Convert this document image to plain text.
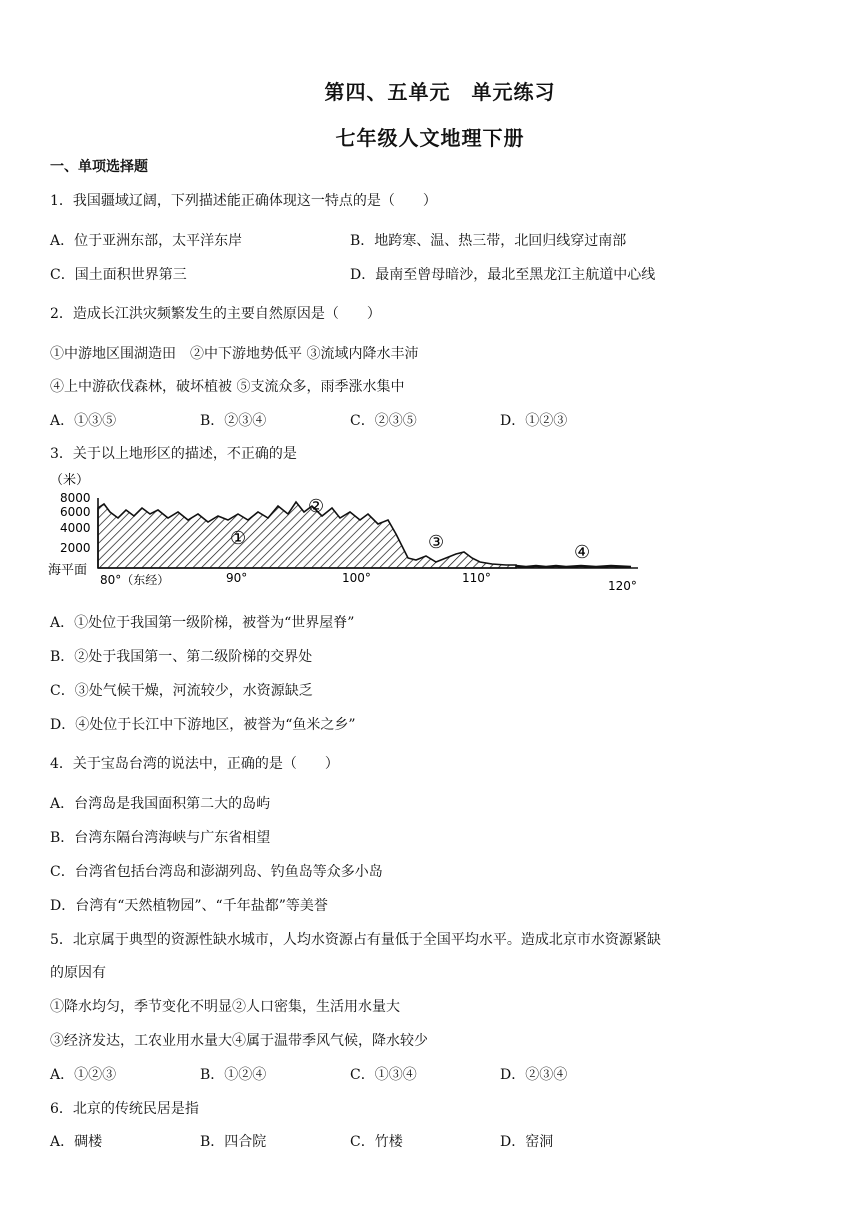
第四、五单元　单元练习
七年级人文地理下册
一、单项选择题
1．我国疆域辽阔，下列描述能正确体现这一特点的是（　　）
A．位于亚洲东部，太平洋东岸	B．地跨寒、温、热三带，北回归线穿过南部
C．国土面积世界第三	D．最南至曾母暗沙，最北至黑龙江主航道中心线
2．造成长江洪灾频繁发生的主要自然原因是（　　）
①中游地区围湖造田　②中下游地势低平 ③流域内降水丰沛
④上中游砍伐森林，破坏植被 ⑤支流众多，雨季涨水集中
A．①③⑤	B．②③④	C．②③⑤	D．①②③
3．关于以上地形区的描述，不正确的是
（米）
8000
6000
4000
2000
海平面
80°（东经）	90°	100°	110°
120°
①
②
③	④
A．①处位于我国第一级阶梯，被誉为“世界屋脊”
B．②处于我国第一、第二级阶梯的交界处
C．③处气候干燥，河流较少，水资源缺乏
D．④处位于长江中下游地区，被誉为“鱼米之乡”
4．关于宝岛台湾的说法中，正确的是（　　）
A．台湾岛是我国面积第二大的岛屿
B．台湾东隔台湾海峡与广东省相望
C．台湾省包括台湾岛和澎湖列岛、钓鱼岛等众多小岛
D．台湾有“天然植物园”、“千年盐都”等美誉
5．北京属于典型的资源性缺水城市，人均水资源占有量低于全国平均水平。造成北京市水资源紧缺
的原因有
①降水均匀，季节变化不明显②人口密集，生活用水量大
③经济发达，工农业用水量大④属于温带季风气候，降水较少
A．①②③	B．①②④	C．①③④	D．②③④
6．北京的传统民居是指
A．碉楼	B．四合院	C．竹楼	D．窑洞
